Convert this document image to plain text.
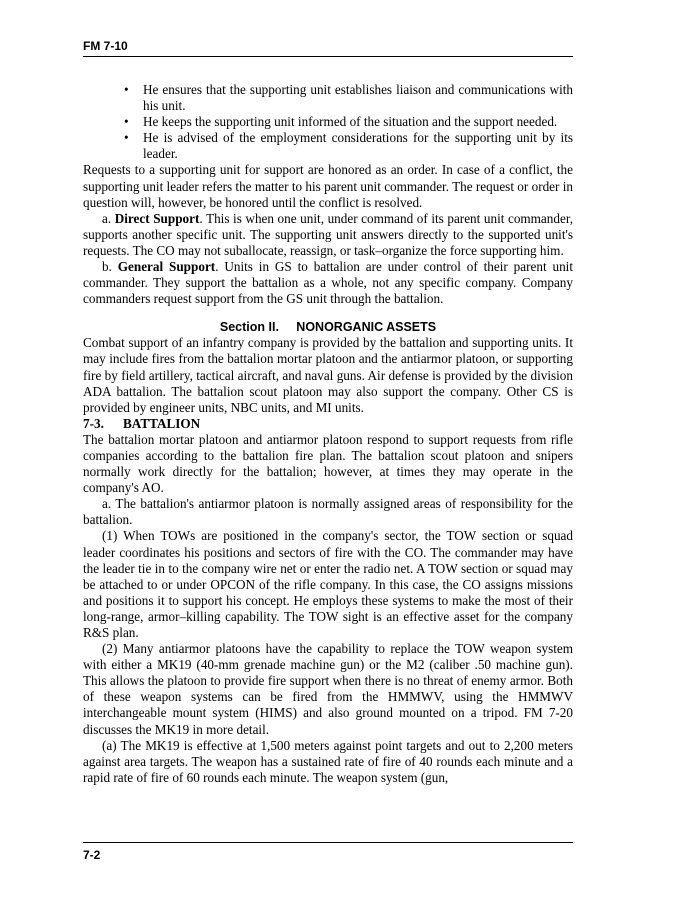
FM 7-10
• He ensures that the supporting unit establishes liaison and communications with his unit.
• He keeps the supporting unit informed of the situation and the support needed.
• He is advised of the employment considerations for the supporting unit by its leader.

Requests to a supporting unit for support are honored as an order. In case of a conflict, the supporting unit leader refers the matter to his parent unit commander. The request or order in question will, however, be honored until the conflict is resolved.

a. Direct Support. This is when one unit, under command of its parent unit commander, supports another specific unit. The supporting unit answers directly to the supported unit's requests. The CO may not suballocate, reassign, or task–organize the force supporting him.

b. General Support. Units in GS to battalion are under control of their parent unit commander. They support the battalion as a whole, not any specific company. Company commanders request support from the GS unit through the battalion.

Section II. NONORGANIC ASSETS

Combat support of an infantry company is provided by the battalion and supporting units. It may include fires from the battalion mortar platoon and the antiarmor platoon, or supporting fire by field artillery, tactical aircraft, and naval guns. Air defense is provided by the division ADA battalion. The battalion scout platoon may also support the company. Other CS is provided by engineer units, NBC units, and MI units.

7-3. BATTALION

The battalion mortar platoon and antiarmor platoon respond to support requests from rifle companies according to the battalion fire plan. The battalion scout platoon and snipers normally work directly for the battalion; however, at times they may operate in the company's AO.

a. The battalion's antiarmor platoon is normally assigned areas of responsibility for the battalion.

(1) When TOWs are positioned in the company's sector, the TOW section or squad leader coordinates his positions and sectors of fire with the CO. The commander may have the leader tie in to the company wire net or enter the radio net. A TOW section or squad may be attached to or under OPCON of the rifle company. In this case, the CO assigns missions and positions it to support his concept. He employs these systems to make the most of their long-range, armor–killing capability. The TOW sight is an effective asset for the company R&S plan.

(2) Many antiarmor platoons have the capability to replace the TOW weapon system with either a MK19 (40-mm grenade machine gun) or the M2 (caliber .50 machine gun). This allows the platoon to provide fire support when there is no threat of enemy armor. Both of these weapon systems can be fired from the HMMWV, using the HMMWV interchangeable mount system (HIMS) and also ground mounted on a tripod. FM 7-20 discusses the MK19 in more detail.

(a) The MK19 is effective at 1,500 meters against point targets and out to 2,200 meters against area targets. The weapon has a sustained rate of fire of 40 rounds each minute and a rapid rate of fire of 60 rounds each minute. The weapon system (gun,

7-2
